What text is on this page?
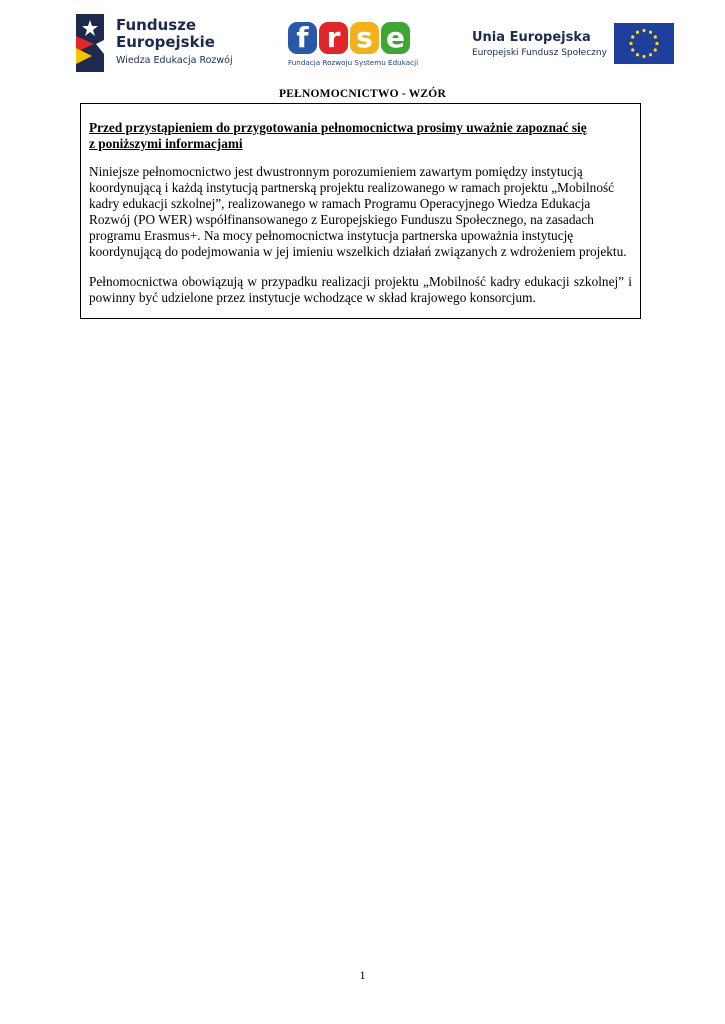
Fundusze
Europejskie
Wiedza Edukacja Rozwój
f r s e
Fundacja Rozwoju Systemu Edukacji
Unia Europejska
Europejski Fundusz Społeczny
PEŁNOMOCNICTWO - WZÓR
Przed przystąpieniem do przygotowania pełnomocnictwa prosimy uważnie zapoznać się
z poniższymi informacjami
Niniejsze pełnomocnictwo jest dwustronnym porozumieniem zawartym pomiędzy instytucją
koordynującą i każdą instytucją partnerską projektu realizowanego w ramach projektu „Mobilność
kadry edukacji szkolnej”, realizowanego w ramach Programu Operacyjnego Wiedza Edukacja
Rozwój (PO WER) współfinansowanego z Europejskiego Funduszu Społecznego, na zasadach
programu Erasmus+. Na mocy pełnomocnictwa instytucja partnerska upoważnia instytucję
koordynującą do podejmowania w jej imieniu wszelkich działań związanych z wdrożeniem projektu.
Pełnomocnictwa obowiązują w przypadku realizacji projektu „Mobilność kadry edukacji szkolnej” i powinny być udzielone przez instytucje wchodzące w skład krajowego konsorcjum.
1
